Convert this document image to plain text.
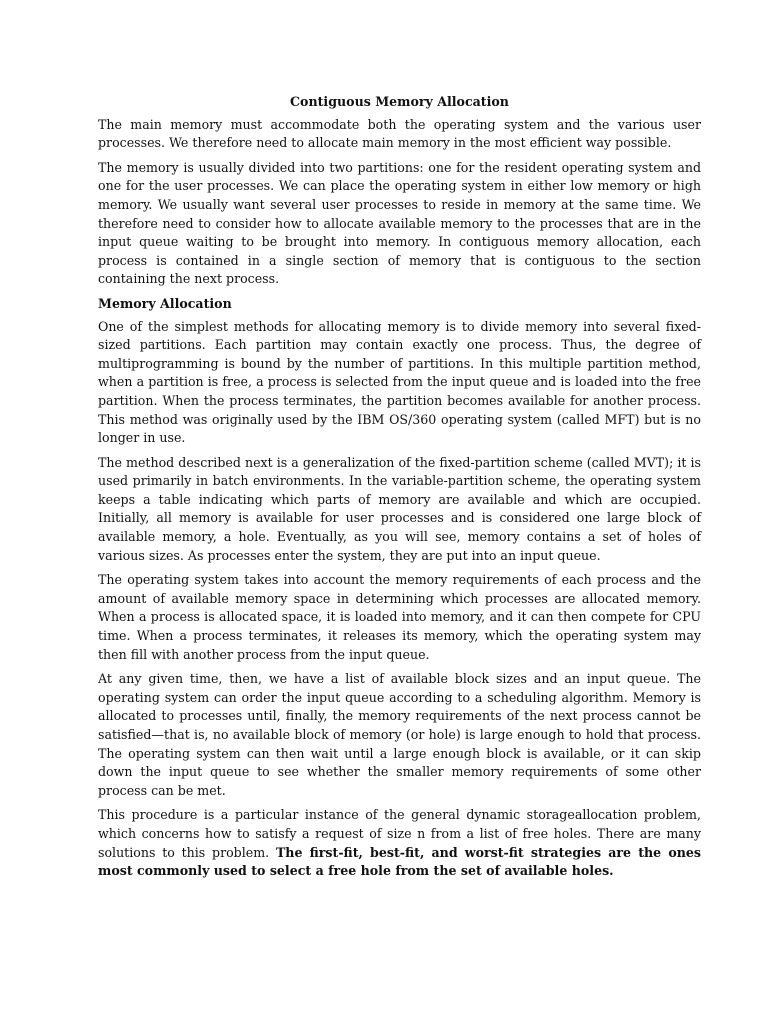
Contiguous Memory Allocation

The main memory must accommodate both the operating system and the various user processes. We therefore need to allocate main memory in the most efficient way possible.

The memory is usually divided into two partitions: one for the resident operating system and one for the user processes. We can place the operating system in either low memory or high memory. We usually want several user processes to reside in memory at the same time. We therefore need to consider how to allocate available memory to the processes that are in the input queue waiting to be brought into memory. In contiguous memory allocation, each process is contained in a single section of memory that is contiguous to the section containing the next process.

Memory Allocation

One of the simplest methods for allocating memory is to divide memory into several fixed-sized partitions. Each partition may contain exactly one process. Thus, the degree of multiprogramming is bound by the number of partitions. In this multiple partition method, when a partition is free, a process is selected from the input queue and is loaded into the free partition. When the process terminates, the partition becomes available for another process. This method was originally used by the IBM OS/360 operating system (called MFT) but is no longer in use.

The method described next is a generalization of the fixed-partition scheme (called MVT); it is used primarily in batch environments. In the variable-partition scheme, the operating system keeps a table indicating which parts of memory are available and which are occupied. Initially, all memory is available for user processes and is considered one large block of available memory, a hole. Eventually, as you will see, memory contains a set of holes of various sizes. As processes enter the system, they are put into an input queue.

The operating system takes into account the memory requirements of each process and the amount of available memory space in determining which processes are allocated memory. When a process is allocated space, it is loaded into memory, and it can then compete for CPU time. When a process terminates, it releases its memory, which the operating system may then fill with another process from the input queue.

At any given time, then, we have a list of available block sizes and an input queue. The operating system can order the input queue according to a scheduling algorithm. Memory is allocated to processes until, finally, the memory requirements of the next process cannot be satisfied—that is, no available block of memory (or hole) is large enough to hold that process. The operating system can then wait until a large enough block is available, or it can skip down the input queue to see whether the smaller memory requirements of some other process can be met.

This procedure is a particular instance of the general dynamic storageallocation problem, which concerns how to satisfy a request of size n from a list of free holes. There are many solutions to this problem. The first-fit, best-fit, and worst-fit strategies are the ones most commonly used to select a free hole from the set of available holes.
